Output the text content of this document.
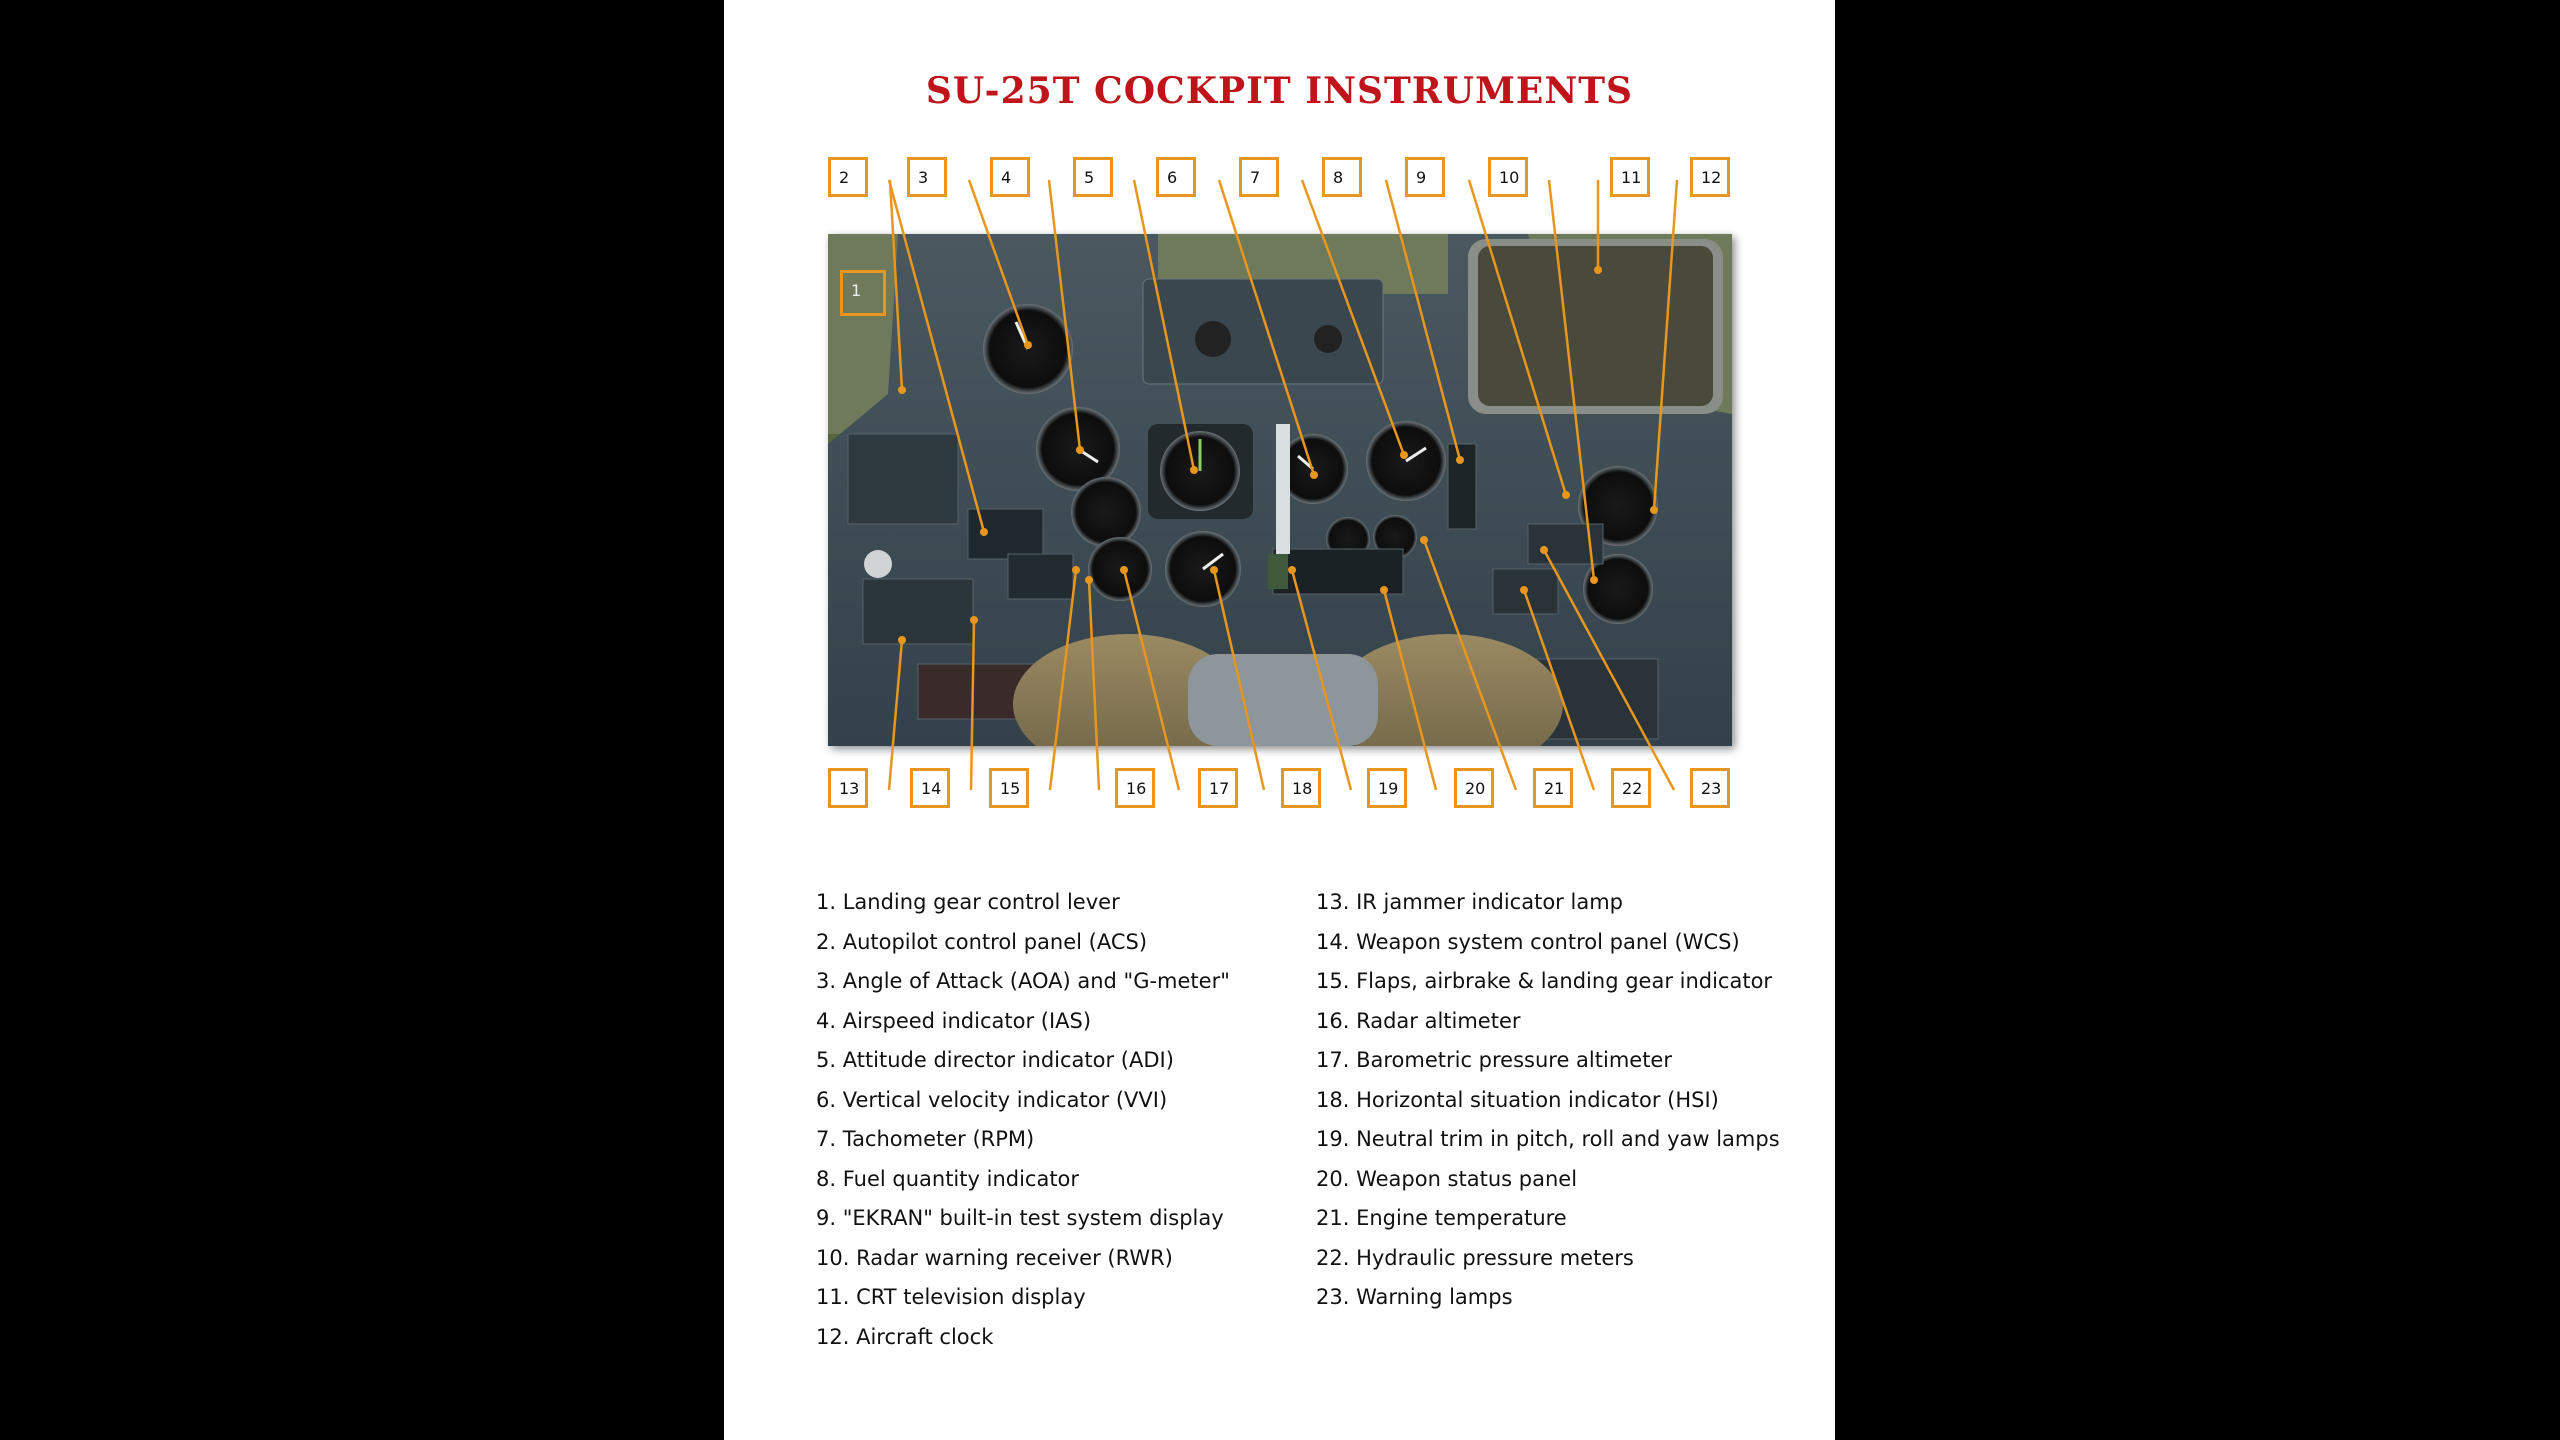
SU-25T COCKPIT INSTRUMENTS
2	3	4	5	6	7	8	9	10	11	12
1
13	14	15	16	17	18	19	20	21	22	23
1. Landing gear control lever
2. Autopilot control panel (ACS)
3. Angle of Attack (AOA) and "G-meter"
4. Airspeed indicator (IAS)
5. Attitude director indicator (ADI)
6. Vertical velocity indicator (VVI)
7. Tachometer (RPM)
8. Fuel quantity indicator
9. "EKRAN" built-in test system display
10. Radar warning receiver (RWR)
11. CRT television display
12. Aircraft clock
13. IR jammer indicator lamp
14. Weapon system control panel (WCS)
15. Flaps, airbrake & landing gear indicator
16. Radar altimeter
17. Barometric pressure altimeter
18. Horizontal situation indicator (HSI)
19. Neutral trim in pitch, roll and yaw lamps
20. Weapon status panel
21. Engine temperature
22. Hydraulic pressure meters
23. Warning lamps
